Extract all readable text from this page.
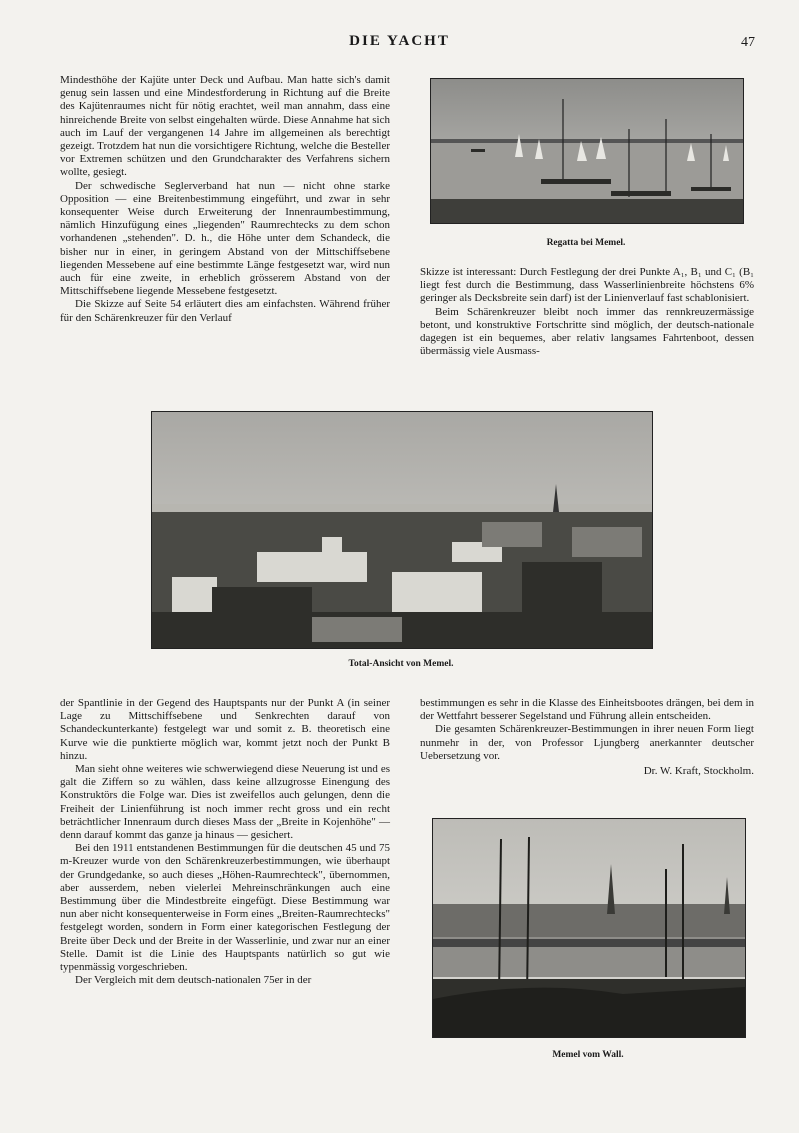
DIE YACHT	47

Mindesthöhe der Kajüte unter Deck und Aufbau. Man hatte sich's damit genug sein lassen und eine Mindestforderung in Richtung auf die Breite des Kajütenraumes nicht für nötig erachtet, weil man annahm, dass eine hinreichende Breite von selbst eingehalten würde. Diese Annahme hat sich auch im Lauf der vergangenen 14 Jahre im allgemeinen als berechtigt gezeigt. Trotzdem hat nun die vorsichtigere Richtung, welche die Besteller vor Extremen schützen und den Grundcharakter des Verfahrens sichern wollte, gesiegt.

Der schwedische Seglerverband hat nun — nicht ohne starke Opposition — eine Breitenbestimmung eingeführt, und zwar in sehr konsequenter Weise durch Erweiterung der Innenraumbestimmung, nämlich Hinzufügung eines „liegenden" Raumrechtecks zu dem schon vorhandenen „stehenden". D. h., die Höhe unter dem Schandeck, die bisher nur in einer, in geringem Abstand von der Mittschiffsebene liegenden Messebene auf eine bestimmte Länge festgesetzt war, wird nun auch für eine zweite, in erheblich grösserem Abstand von der Mittschiffsebene liegende Messebene festgesetzt.

Die Skizze auf Seite 54 erläutert dies am einfachsten. Während früher für den Schärenkreuzer für den Verlauf

Regatta bei Memel.

Skizze ist interessant: Durch Festlegung der drei Punkte A₁, B₁ und C₁ (B₁ liegt fest durch die Bestimmung, dass Wasserlinienbreite höchstens 6% geringer als Decksbreite sein darf) ist der Linienverlauf fast schablonisiert.

Beim Schärenkreuzer bleibt noch immer das rennkreuzermässige betont, und konstruktive Fortschritte sind möglich, der deutsch-nationale dagegen ist ein bequemes, aber relativ langsames Fahrtenboot, dessen übermässig viele Ausmass-

Total-Ansicht von Memel.

der Spantlinie in der Gegend des Hauptspants nur der Punkt A (in seiner Lage zu Mittschiffsebene und Senkrechten darauf von Schandeckunterkante) festgelegt war und somit z. B. theoretisch eine Kurve wie die punktierte möglich war, kommt jetzt noch der Punkt B hinzu.

Man sieht ohne weiteres wie schwerwiegend diese Neuerung ist und es galt die Ziffern so zu wählen, dass keine allzugrosse Einengung des Konstruktörs die Folge war. Dies ist zweifellos auch gelungen, denn die Freiheit der Linienführung ist noch immer recht gross und ein recht beträchtlicher Innenraum durch dieses Mass der „Breite in Kojenhöhe" — denn darauf kommt das ganze ja hinaus — gesichert.

Bei den 1911 entstandenen Bestimmungen für die deutschen 45 und 75 m-Kreuzer wurde von den Schärenkreuzerbestimmungen, wie überhaupt der Grundgedanke, so auch dieses „Höhen-Raumrechteck", übernommen, aber ausserdem, neben vielerlei Mehreinschränkungen auch eine Bestimmung über die Mindestbreite eingefügt. Diese Bestimmung war nun aber nicht konsequenterweise in Form eines „Breiten-Raumrechtecks" festgelegt worden, sondern in Form einer kategorischen Festlegung der Breite über Deck und der Breite in der Wasserlinie, und zwar nur an einer Stelle. Damit ist die Linie des Hauptspants natürlich so gut wie typenmässig vorgeschrieben.

Der Vergleich mit dem deutsch-nationalen 75er in der

bestimmungen es sehr in die Klasse des Einheitsbootes drängen, bei dem in der Wettfahrt besserer Segelstand und Führung allein entscheiden.

Die gesamten Schärenkreuzer-Bestimmungen in ihrer neuen Form liegt nunmehr in der, von Professor Ljungberg anerkannter deutscher Uebersetzung vor.

Dr. W. Kraft, Stockholm.
Memel vom Wall.
